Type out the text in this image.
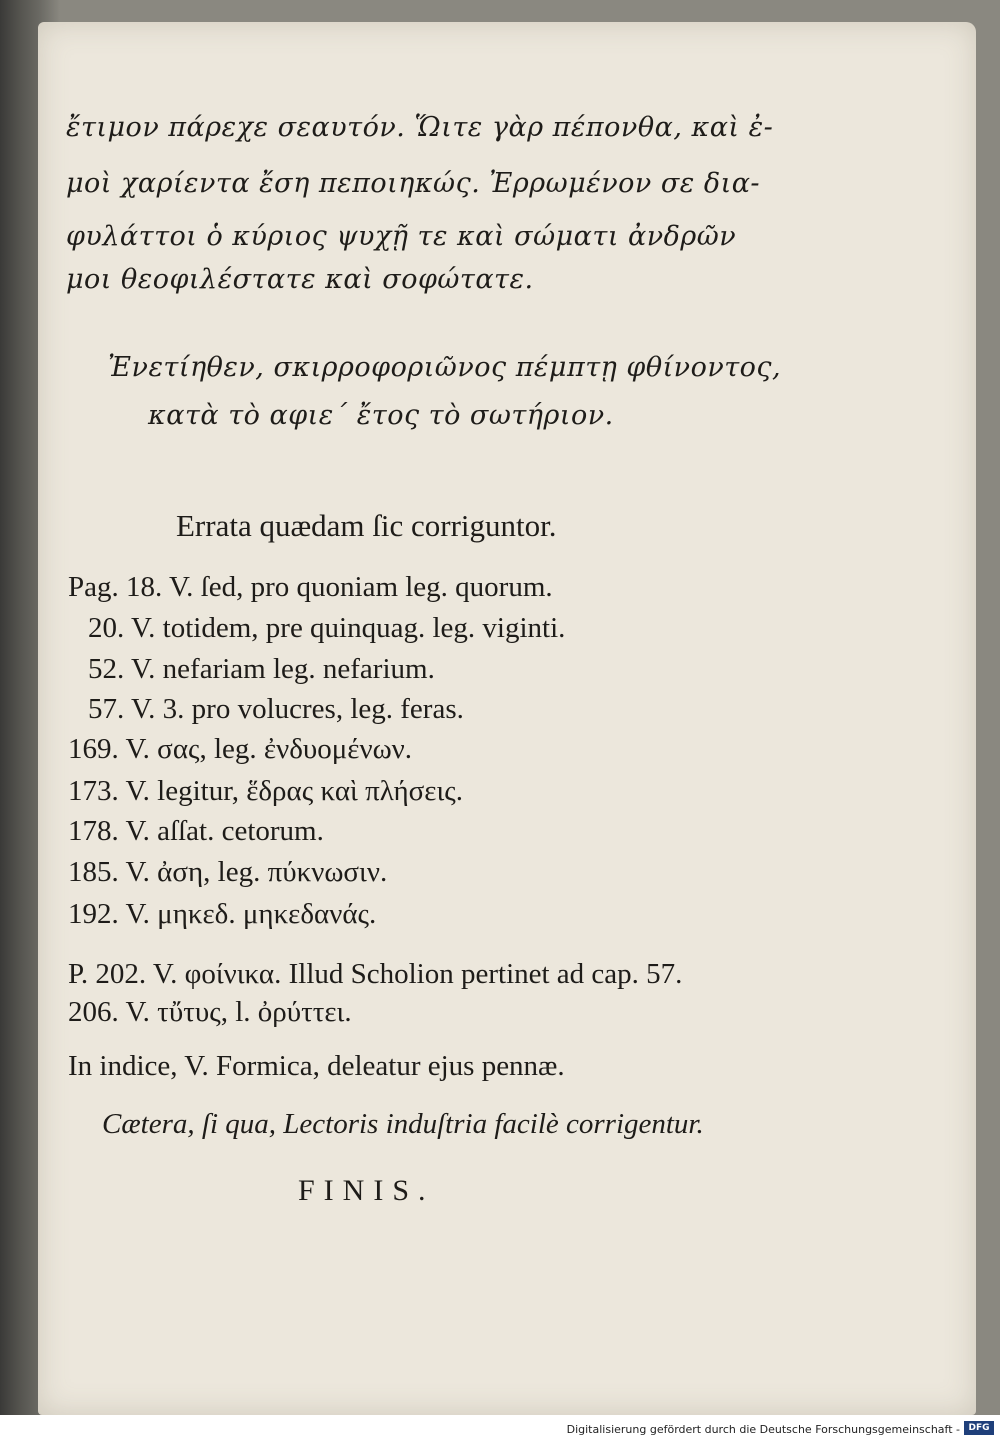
ἔτιμον πάρεχε σεαυτόν. Ὥιτε γὰρ πέπονθα, καὶ ἐ-
μοὶ χαρίεντα ἔση πεποιηκώς. Ἐρρωμένον σε δια-
φυλάττοι ὁ κύριος ψυχῇ τε καὶ σώματι ἀνδρῶν
μοι θεοφιλέστατε καὶ σοφώτατε.
Ἐνετίηθεν, σκιρροφοριῶνος πέμπτῃ φθίνοντος,
κατὰ τὸ αφιε΄ ἔτος τὸ σωτήριον.
Errata quædam ſic corriguntor.
Pag. 18. V. ſed, pro quoniam leg. quorum.
20. V. totidem, pre quinquag. leg. viginti.
52. V. nefariam leg. nefarium.
57. V. 3. pro volucres, leg. feras.
169. V. σας, leg. ἐνδυομένων.
173. V. legitur, ἕδρας καὶ πλήσεις.
178. V. aſſat. cetorum.
185. V. ἀση, leg. πύκνωσιν.
192. V. μηκεδ. μηκεδανάς.
P. 202. V. φοίνικα. Illud Scholion pertinet ad cap. 57.
206. V. τὔτυς, l. ὀρύττει.
In indice, V. Formica, deleatur ejus pennæ.
Cætera, ſi qua, Lectoris induſtria facilè corrigentur.
FINIS.
Digitalisierung gefördert durch die Deutsche Forschungsgemeinschaft - DFG
